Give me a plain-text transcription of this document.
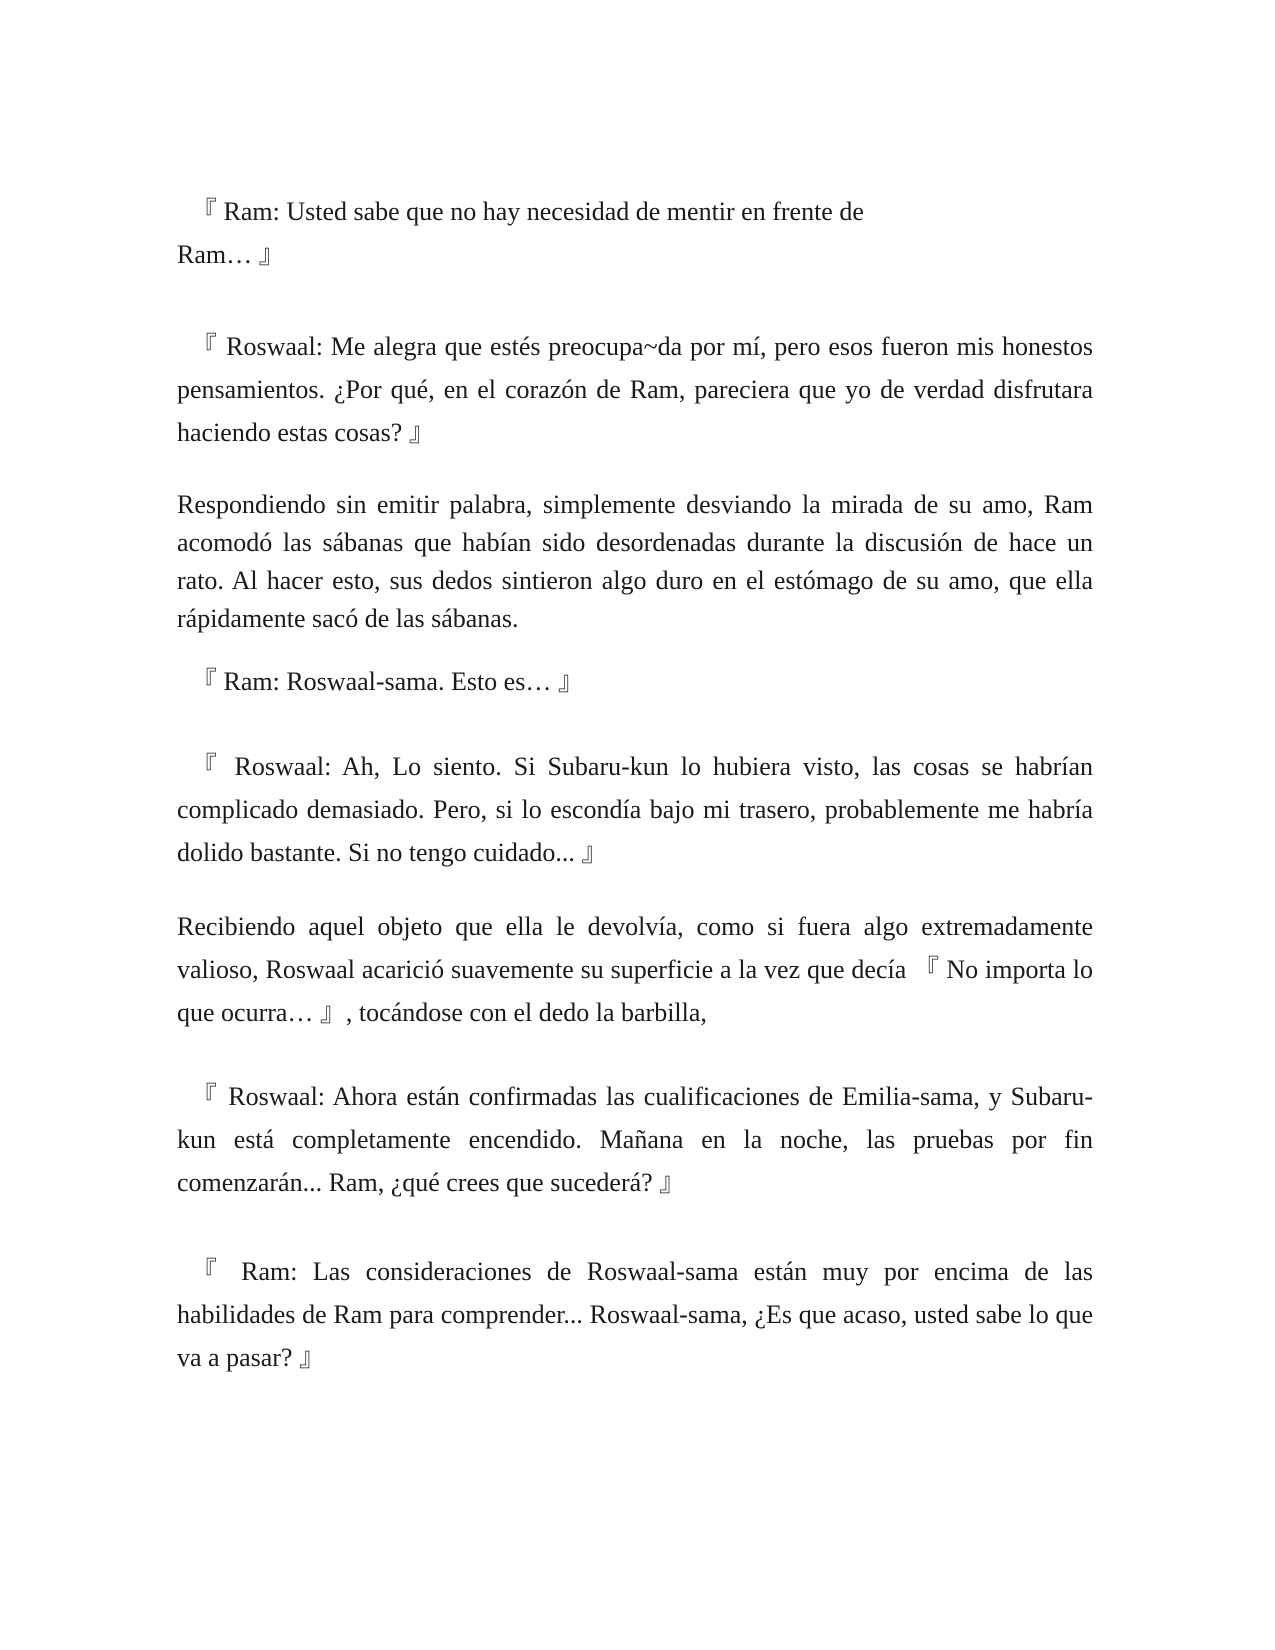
『 Ram: Usted sabe que no hay necesidad de mentir en frente de Ram… 』

『 Roswaal: Me alegra que estés preocupa~da por mí, pero esos fueron mis honestos pensamientos. ¿Por qué, en el corazón de Ram, pareciera que yo de verdad disfrutara haciendo estas cosas? 』

Respondiendo sin emitir palabra, simplemente desviando la mirada de su amo, Ram acomodó las sábanas que habían sido desordenadas durante la discusión de hace un rato. Al hacer esto, sus dedos sintieron algo duro en el estómago de su amo, que ella rápidamente sacó de las sábanas.

『 Ram: Roswaal-sama. Esto es… 』

『 Roswaal: Ah, Lo siento. Si Subaru-kun lo hubiera visto, las cosas se habrían complicado demasiado. Pero, si lo escondía bajo mi trasero, probablemente me habría dolido bastante. Si no tengo cuidado... 』

Recibiendo aquel objeto que ella le devolvía, como si fuera algo extremadamente valioso, Roswaal acarició suavemente su superficie a la vez que decía 『 No importa lo que ocurra… 』, tocándose con el dedo la barbilla,

『 Roswaal: Ahora están confirmadas las cualificaciones de Emilia-sama, y Subaru-kun está completamente encendido. Mañana en la noche, las pruebas por fin comenzarán... Ram, ¿qué crees que sucederá? 』

『 Ram: Las consideraciones de Roswaal-sama están muy por encima de las habilidades de Ram para comprender... Roswaal-sama, ¿Es que acaso, usted sabe lo que va a pasar? 』
